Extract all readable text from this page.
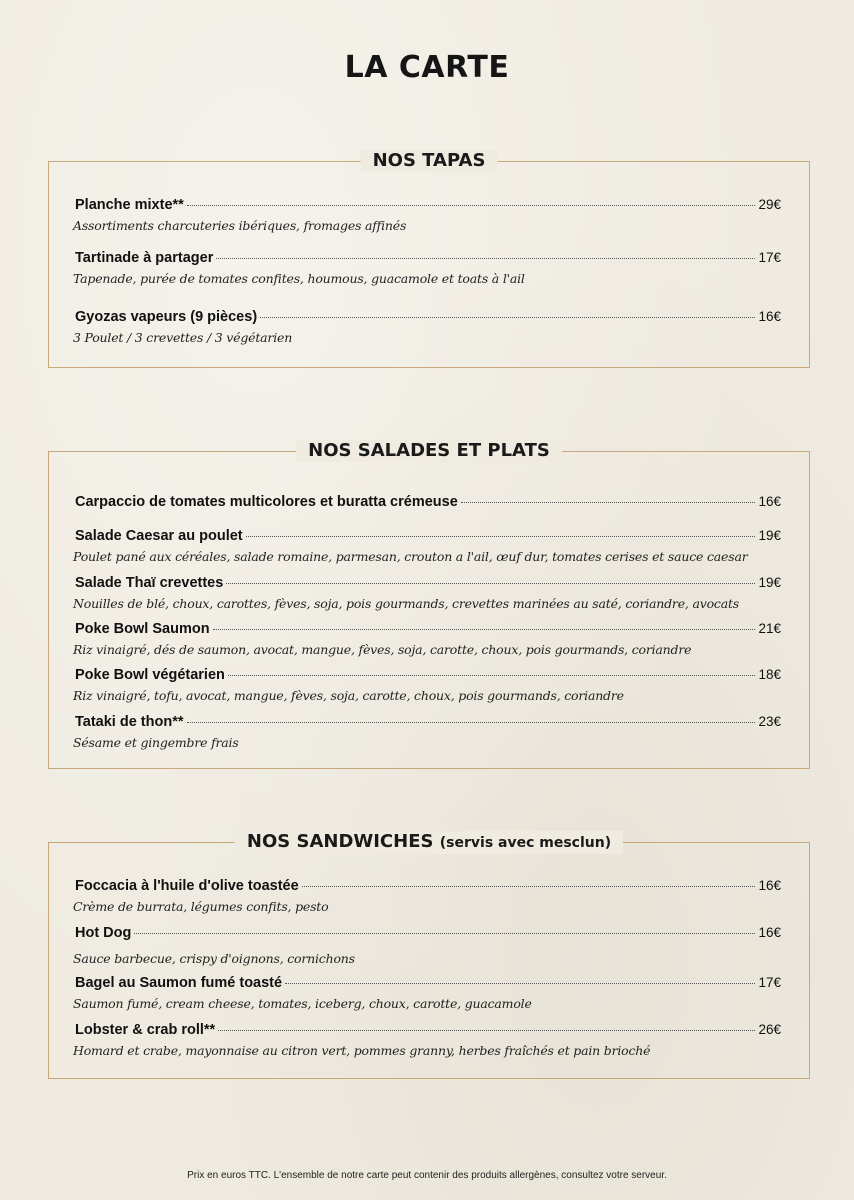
LA CARTE
NOS TAPAS
Planche mixte**	29€
Assortiments charcuteries ibériques, fromages affinés
Tartinade à partager	17€
Tapenade, purée de tomates confites, houmous, guacamole et toats à l'ail
Gyozas vapeurs (9 pièces)	16€
3 Poulet / 3 crevettes / 3 végétarien
NOS SALADES ET PLATS
Carpaccio de tomates multicolores et buratta crémeuse	16€
Salade Caesar au poulet	19€
Poulet pané aux céréales, salade romaine, parmesan, crouton a l'ail, œuf dur, tomates cerises et sauce caesar
Salade Thaï crevettes	19€
Nouilles de blé, choux, carottes, fèves, soja, pois gourmands, crevettes marinées au saté, coriandre, avocats
Poke Bowl Saumon	21€
Riz vinaigré, dés de saumon, avocat, mangue, fèves, soja, carotte, choux, pois gourmands, coriandre
Poke Bowl végétarien	18€
Riz vinaigré, tofu, avocat, mangue, fèves, soja, carotte, choux, pois gourmands, coriandre
Tataki de thon**	23€
Sésame et gingembre frais
NOS SANDWICHES (servis avec mesclun)
Foccacia à l'huile d'olive toastée	16€
Crème de burrata, légumes confits, pesto
Hot Dog	16€
Sauce barbecue, crispy d'oignons, cornichons
Bagel au Saumon fumé toasté	17€
Saumon fumé, cream cheese, tomates, iceberg, choux, carotte, guacamole
Lobster & crab roll**	26€
Homard et crabe, mayonnaise au citron vert, pommes granny, herbes fraîchés et pain brioché
Prix en euros TTC. L'ensemble de notre carte peut contenir des produits allergènes, consultez votre serveur.
